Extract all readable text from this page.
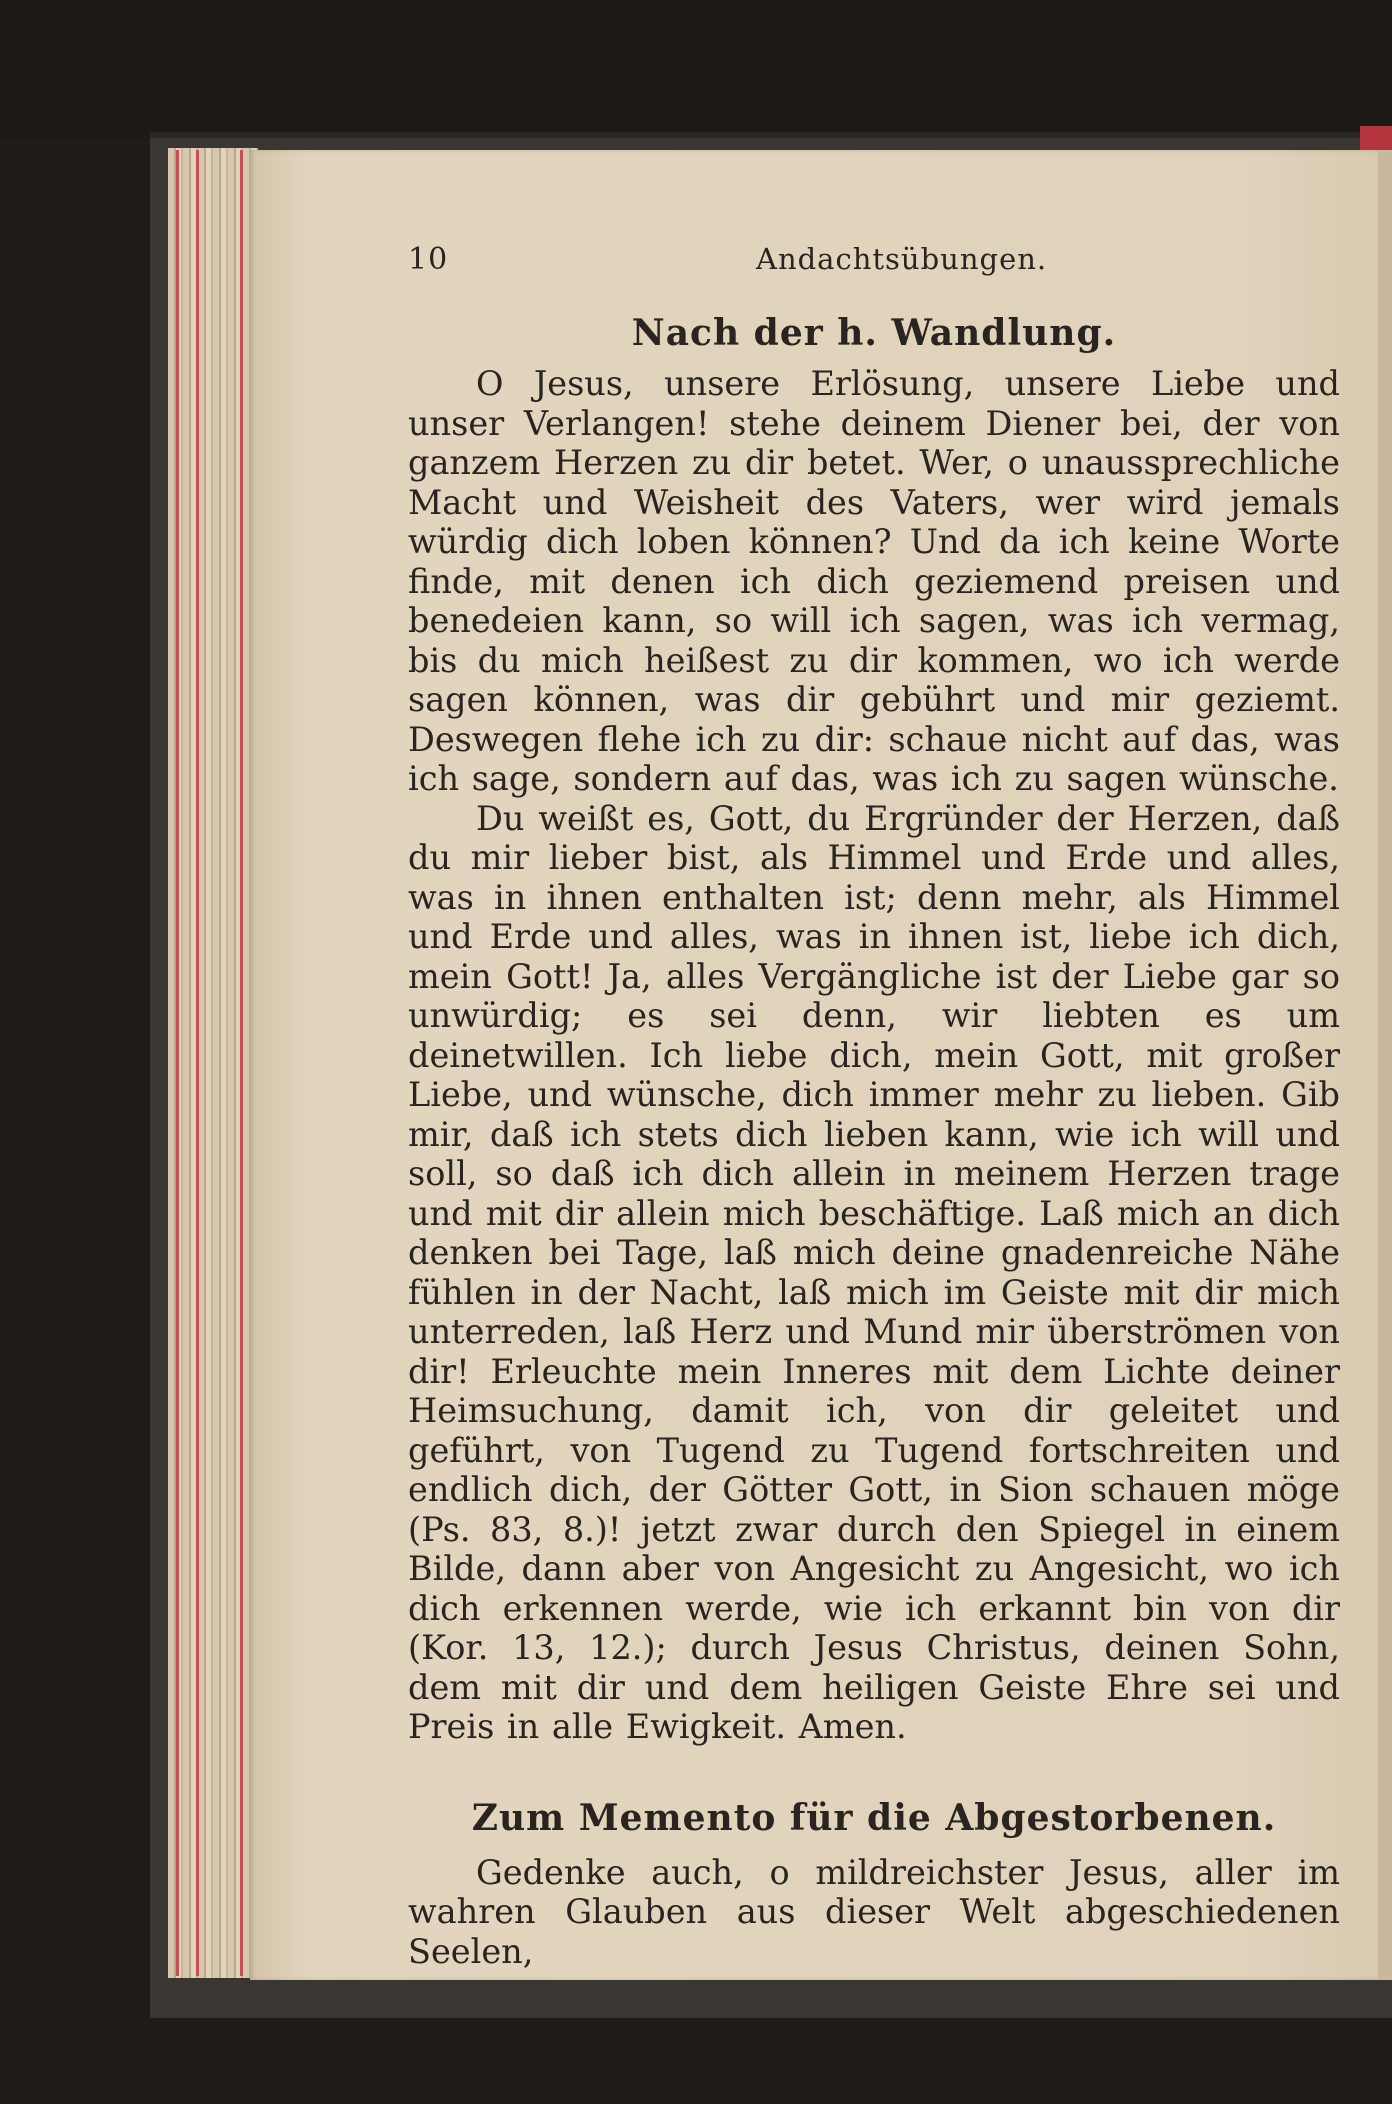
10	Andachtsübungen.
Nach der h. Wandlung.

O Jesus, unsere Erlösung, unsere Liebe und unser Verlangen! stehe deinem Diener bei, der von ganzem Herzen zu dir betet. Wer, o unaussprechliche Macht und Weisheit des Vaters, wer wird jemals würdig dich loben können? Und da ich keine Worte finde, mit denen ich dich geziemend preisen und benedeien kann, so will ich sagen, was ich vermag, bis du mich heißest zu dir kommen, wo ich werde sagen können, was dir gebührt und mir geziemt. Deswegen flehe ich zu dir: schaue nicht auf das, was ich sage, sondern auf das, was ich zu sagen wünsche.

Du weißt es, Gott, du Ergründer der Herzen, daß du mir lieber bist, als Himmel und Erde und alles, was in ihnen enthalten ist; denn mehr, als Himmel und Erde und alles, was in ihnen ist, liebe ich dich, mein Gott! Ja, alles Vergängliche ist der Liebe gar so unwürdig; es sei denn, wir liebten es um deinetwillen. Ich liebe dich, mein Gott, mit großer Liebe, und wünsche, dich immer mehr zu lieben. Gib mir, daß ich stets dich lieben kann, wie ich will und soll, so daß ich dich allein in meinem Herzen trage und mit dir allein mich beschäftige. Laß mich an dich denken bei Tage, laß mich deine gnadenreiche Nähe fühlen in der Nacht, laß mich im Geiste mit dir mich unterreden, laß Herz und Mund mir überströmen von dir! Erleuchte mein Inneres mit dem Lichte deiner Heimsuchung, damit ich, von dir geleitet und geführt, von Tugend zu Tugend fortschreiten und endlich dich, der Götter Gott, in Sion schauen möge (Ps. 83, 8.)! jetzt zwar durch den Spiegel in einem Bilde, dann aber von Angesicht zu Angesicht, wo ich dich erkennen werde, wie ich erkannt bin von dir (Kor. 13, 12.); durch Jesus Christus, deinen Sohn, dem mit dir und dem heiligen Geiste Ehre sei und Preis in alle Ewigkeit. Amen.

Zum Memento für die Abgestorbenen.

Gedenke auch, o mildreichster Jesus, aller im wahren Glauben aus dieser Welt abgeschiedenen Seelen,
